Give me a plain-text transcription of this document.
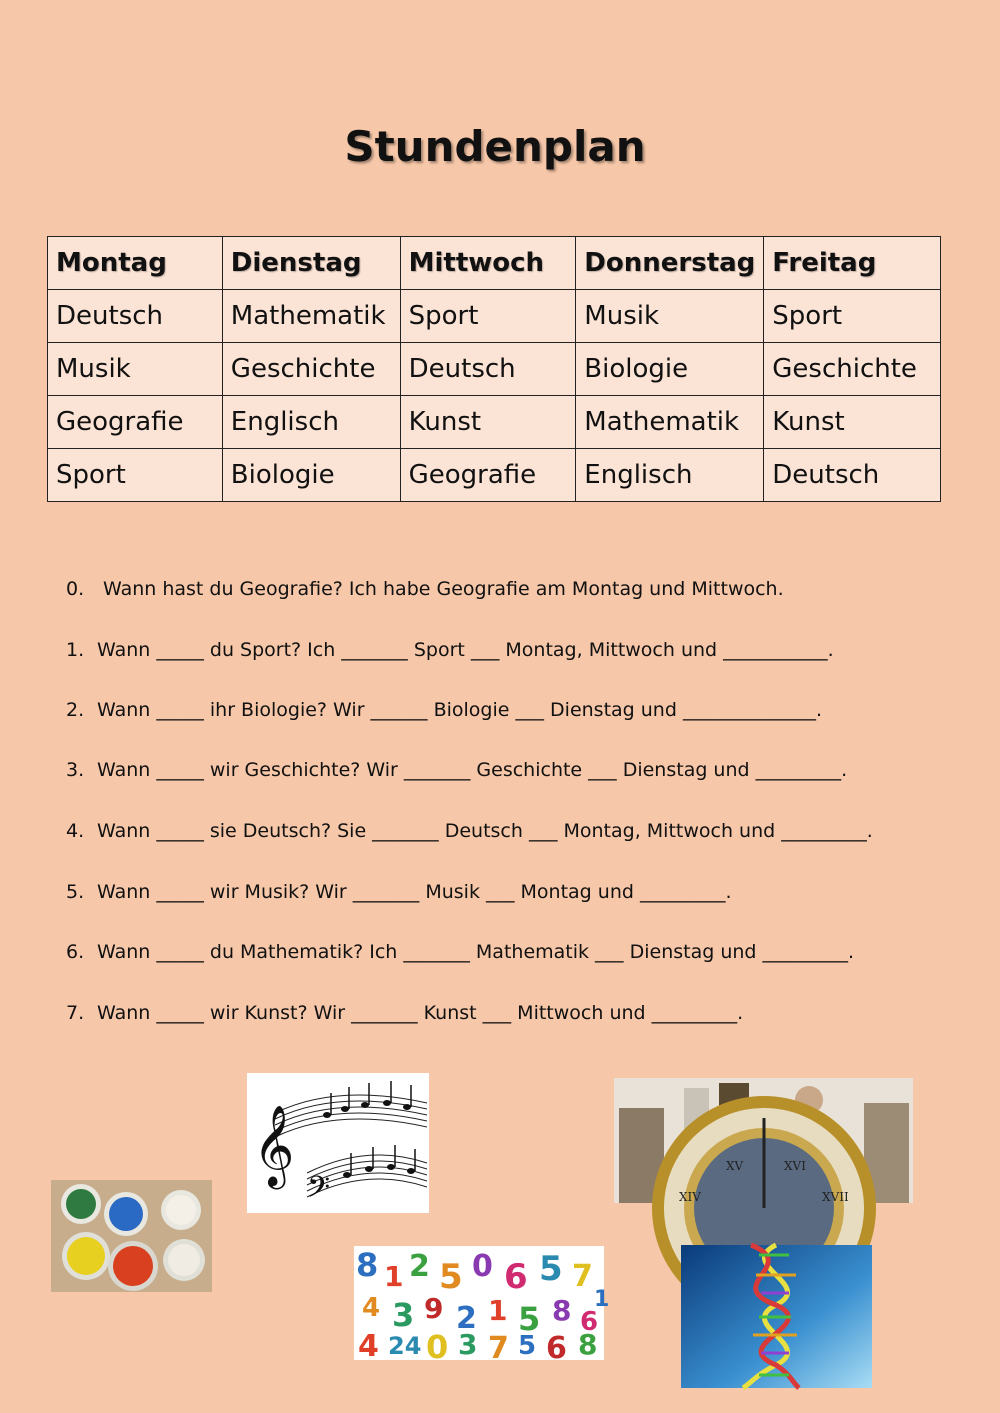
Stundenplan
Montag	Dienstag	Mittwoch	Donnerstag	Freitag
Deutsch	Mathematik	Sport	Musik	Sport
Musik	Geschichte	Deutsch	Biologie	Geschichte
Geografie	Englisch	Kunst	Mathematik	Kunst
Sport	Biologie	Geografie	Englisch	Deutsch
0. Wann hast du Geografie? Ich habe Geografie am Montag und Mittwoch.
1. Wann _____ du Sport? Ich _______ Sport ___ Montag, Mittwoch und ___________.
2. Wann _____ ihr Biologie? Wir ______ Biologie ___ Dienstag und ______________.
3. Wann _____ wir Geschichte? Wir _______ Geschichte ___ Dienstag und _________.
4. Wann _____ sie Deutsch? Sie _______ Deutsch ___ Montag, Mittwoch und _________.
5. Wann _____ wir Musik? Wir _______ Musik ___ Montag und _________.
6. Wann _____ du Mathematik? Ich _______ Mathematik ___ Dienstag und _________.
7. Wann _____ wir Kunst? Wir _______ Kunst ___ Mittwoch und _________.
𝄞
𝄢	XIV
XV	XVI
XVII
8 1 2 5 0 6 5 7
4 3 9 2 1 5 8 6
4 24 0 3 7 5 6 8
1
